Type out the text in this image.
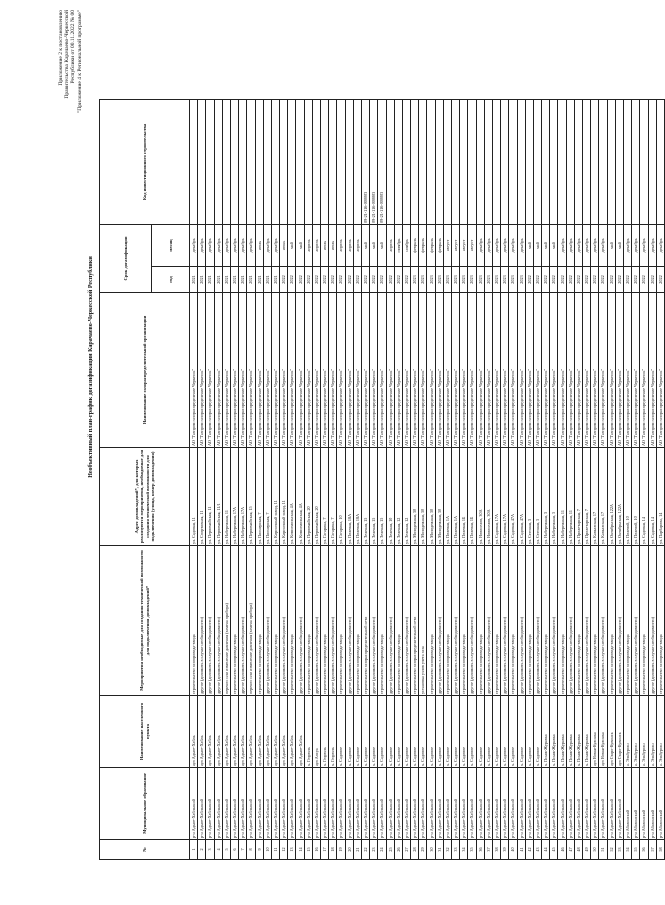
Приложение 2 к постановлению Правительства Карачаево-Черкесской Республики от 00.11.2022 № 00 "Приложение 4 к Региональной программе"
Необъективный план-график догазификации Карачаево-Черкесской Республики
№	Муниципальное образование	Наименование населенного пункта	Мероприятия необходимые для создания технической возможности для подключения домовладений*	Адрес домовладений*, для которых реализуются мероприятия, необходимые для создания технической возможности для подключения (улица, номер домовладения)	Наименование газораспределительной организации	Срок догазификации		Код инвестиционного строительства
						год	месяц	
1	р-н Адыге-Хабльский	аул Адыге-Хабль	строительство газопровода-ввода	ул. Садовая, 11	АО "Газпром газораспределение Черкесск"	2021	декабрь	
2	р-н Адыге-Хабльский	аул Адыге-Хабль	другое (доложить в случае необходимости)	ул. Спортивная, 11	АО "Газпром газораспределение Черкесск"	2021	декабрь	
3	р-н Адыге-Хабльский	аул Адыге-Хабль	другое (доложить в случае необходимости)	ул. Первомайская, 11	АО "Газпром газораспределение Черкесск"	2021	декабрь	
4	р-н Адыге-Хабльский	аул Адыге-Хабль	другое (доложить в случае необходимости)	ул. Первомайская, 11/1	АО "Газпром газораспределение Черкесск"	2021	декабрь	
5	р-н Адыге-Хабльский	аул Адыге-Хабль	перенос или изменение давления (замена прибора)	ул. Набережная, 11	АО "Газпром газораспределение Черкесск"	2021	декабрь	
6	р-н Адыге-Хабльский	аул Адыге-Хабль	строительство газопровода-ввода	ул. Набережная, 17А	АО "Газпром газораспределение Черкесск"	2021	декабрь	
7	р-н Адыге-Хабльский	аул Адыге-Хабль	другое (доложить в случае необходимости)	ул. Набережная, 17А	АО "Газпром газораспределение Черкесск"	2021	декабрь	
8	р-н Адыге-Хабльский	аул Адыге-Хабль	перенос или изменение давления (замена прибора)	ул. Первомайская, 15	АО "Газпром газораспределение Черкесск"	2021	декабрь	
9	р-н Адыге-Хабльский	аул Адыге-Хабль	строительство газопровода-ввода	ул. Пионерская, 7	АО "Газпром газораспределение Черкесск"	2021	июль	
10	р-н Адыге-Хабльский	аул Адыге-Хабль	другое (доложить в случае необходимости)	ул. Пионерская, 7	АО "Газпром газораспределение Черкесск"	2021	декабрь	
11	р-н Адыге-Хабльский	аул Адыге-Хабль	строительство газопровода-ввода	ул. Кирпичный завод, 11	АО "Газпром газораспределение Черкесск"	2021	декабрь	
12	р-н Адыге-Хабльский	аул Адыге-Хабль	другое (доложить в случае необходимости)	ул. Кирпичный завод, 11	АО "Газпром газораспределение Черкесск"	2022	июнь	
13	р-н Адыге-Хабльский	аул Адыге-Хабль	строительство газопровода-ввода	ул. Комсомольская, 4А	АО "Газпром газораспределение Черкесск"	2022	май	
14	р-н Адыге-Хабльский	аул Адыге-Хабль	другое (доложить в случае необходимости)	ул. Комсомольская, 4А	АО "Газпром газораспределение Черкесск"	2022	май	
15	р-н Адыге-Хабльский	х. Гюрюль	строительство газопровода-ввода	ул. Первомайская, 20	АО "Газпром газораспределение Черкесск"	2022	апрель	
16	р-н Адыге-Хабльский	аул Апсуа	другое (доложить в случае необходимости)	ул. Первомайская, 20	АО "Газпром газораспределение Черкесск"	2022	апрель	
17	р-н Адыге-Хабльский	х. Гюрюль	строительство газопровода-ввода	ул. Гагарина, 7	АО "Газпром газораспределение Черкесск"	2022	июль	
18	р-н Адыге-Хабльский	х. Гюрюль	другое (доложить в случае необходимости)	ул. Гагарина, 7	АО "Газпром газораспределение Черкесск"	2022	июль	
19	р-н Адыге-Хабльский	х. Садовое	строительство газопровода-ввода	ул. Гагарина, 10	АО "Газпром газораспределение Черкесск"	2022	апрель	
20	р-н Адыге-Хабльский	х. Садовое	другое (доложить в случае необходимости)	ул. Полевая, 18А	АО "Газпром газораспределение Черкесск"	2022	апрель	
21	р-н Адыге-Хабльский	х. Садовое	строительство газопровода-ввода	ул. Полевая, 18А	АО "Газпром газораспределение Черкесск"	2022	апрель	
22	р-н Адыге-Хабльский	х. Садовое	строительство газораспределительной сети	ул. Зеленая, 15	АО "Газпром газораспределение Черкесск"	2022	май	09-21-116-000003
23	р-н Адыге-Хабльский	х. Садовое	другое (доложить в случае необходимости)	ул. Зеленая, 15	АО "Газпром газораспределение Черкесск"	2022	май	09-21-116-000003
24	р-н Адыге-Хабльский	х. Садовое	строительство газопровода-ввода	ул. Зеленая, 15	АО "Газпром газораспределение Черкесск"	2022	май	09-21-116-000003
25	р-н Адыге-Хабльский	х. Садовое	другое (доложить в случае необходимости)	ул. Зеленая, 10	АО "Газпром газораспределение Черкесск"	2022	апрель	
26	р-н Адыге-Хабльский	х. Садовое	строительство газопровода-ввода	ул. Зеленая, 12	АО "Газпром газораспределение Черкесск"	2022	октябрь	
27	р-н Адыге-Хабльский	х. Садовое	другое (доложить в случае необходимости)	ул. Зеленая, 12	АО "Газпром газораспределение Черкесск"	2022	ноябрь	
28	р-н Адыге-Хабльский	х. Садовое	строительство газораспределительной сети	ул. Молодежная, 30	АО "Газпром газораспределение Черкесск"	2023	февраль	
29	р-н Адыге-Хабльский	х. Садовое	установка узлов учета газа	ул. Молодежная, 30	АО "Газпром газораспределение Черкесск"	2023	февраль	
30	р-н Адыге-Хабльский	х. Садовое	строительство газопровода-ввода	ул. Молодежная, 30	АО "Газпром газораспределение Черкесск"	2023	февраль	
31	р-н Адыге-Хабльский	х. Садовое	другое (доложить в случае необходимости)	ул. Молодежная, 30	АО "Газпром газораспределение Черкесск"	2023	февраль	
32	р-н Адыге-Хабльский	х. Садовое	строительство газопровода-ввода	ул. Полевая, 1А	АО "Газпром газораспределение Черкесск"	2023	август	
33	р-н Адыге-Хабльский	х. Садовое	другое (доложить в случае необходимости)	ул. Полевая, 1А	АО "Газпром газораспределение Черкесск"	2023	август	
34	р-н Адыге-Хабльский	х. Садовое	строительство газопровода-ввода	ул. Полевая, 1Б	АО "Газпром газораспределение Черкесск"	2023	август	
35	р-н Адыге-Хабльский	х. Садовое	другое (доложить в случае необходимости)	ул. Полевая, 1Б	АО "Газпром газораспределение Черкесск"	2023	август	
36	р-н Адыге-Хабльский	х. Садовое	строительство газопровода-ввода	ул. Новоселов, 30А	АО "Газпром газораспределение Черкесск"	2023	декабрь	
37	р-н Адыге-Хабльский	х. Садовое	другое (доложить в случае необходимости)	ул. Новоселов, 30А	АО "Газпром газораспределение Черкесск"	2023	декабрь	
38	р-н Адыге-Хабльский	х. Садовое	строительство газопровода-ввода	ул. Садовая, 17А	АО "Газпром газораспределение Черкесск"	2023	декабрь	
39	р-н Адыге-Хабльский	х. Садовое	другое (доложить в случае необходимости)	ул. Садовая, 17А	АО "Газпром газораспределение Черкесск"	2023	декабрь	
40	р-н Адыге-Хабльский	х. Садовое	строительство газопровода-ввода	ул. Садовая, 47А	АО "Газпром газораспределение Черкесск"	2023	декабрь	
41	р-н Адыге-Хабльский	х. Садовое	другое (доложить в случае необходимости)	ул. Садовая, 47А	АО "Газпром газораспределение Черкесск"	2023	декабрь	
42	р-н Адыге-Хабльский	х. Садовое	строительство газопровода-ввода	ул. Степная, 3	АО "Газпром газораспределение Черкесск"	2022	май	
43	р-н Адыге-Хабльский	х. Садовое	другое (доложить в случае необходимости)	ул. Степная, 3	АО "Газпром газораспределение Черкесск"	2022	май	
44	р-н Адыге-Хабльский	х. Псыж-Журавка	строительство газопровода-ввода	ул. Набережная, 3	АО "Газпром газораспределение Черкесск"	2022	май	
45	р-н Адыге-Хабльский	х. Псыж-Журавка	другое (доложить в случае необходимости)	ул. Набережная, 3	АО "Газпром газораспределение Черкесск"	2022	май	
46	р-н Адыге-Хабльский	х. Псыж-Журавка	строительство газопровода-ввода	ул. Набережная, 11	АО "Газпром газораспределение Черкесск"	2022	декабрь	
47	р-н Адыге-Хабльский	х. Псыж-Журавка	другое (доложить в случае необходимости)	ул. Набережная, 11	АО "Газпром газораспределение Черкесск"	2022	декабрь	
48	р-н Адыге-Хабльский	х. Псыж-Журавка	строительство газопровода-ввода	ул. Пролетарская, 7	АО "Газпром газораспределение Черкесск"	2022	декабрь	
49	р-н Адыге-Хабльский	х. Псыж-Журавка	другое (доложить в случае необходимости)	ул. Пролетарская, 7	АО "Газпром газораспределение Черкесск"	2022	декабрь	
50	р-н Адыге-Хабльский	аул Новая-Кулинка	строительство газопровода-ввода	ул. Кавказская, 17	АО "Газпром газораспределение Черкесск"	2022	декабрь	
51	р-н Адыге-Хабльский	аул Новая-Кулинка	другое (доложить в случае необходимости)	ул. Кавказская, 17	АО "Газпром газораспределение Черкесск"	2022	декабрь	
52	р-н Адыге-Хабльский	аул Старо-Кувинск	строительство газопровода-ввода	ул. Октябрьская, 122А	АО "Газпром газораспределение Черкесск"	2022	май	
53	р-н Адыге-Хабльский	аул Старо-Кувинск	другое (доложить в случае необходимости)	ул. Октябрьская, 122А	АО "Газпром газораспределение Черкесск"	2022	май	
54	р-н Абазинский	а. Эльбурган	строительство газопровода-ввода	ул. Полевой, 10	АО "Газпром газораспределение Черкесск"	2022	декабрь	
55	р-н Абазинский	а. Эльбурган	другое (доложить в случае необходимости)	ул. Полевой, 10	АО "Газпром газораспределение Черкесск"	2022	декабрь	
56	р-н Абазинский	а. Эльбурган	строительство газопровода-ввода	ул. Садовая, 14	АО "Газпром газораспределение Черкесск"	2022	декабрь	
57	р-н Абазинский	а. Эльбурган	другое (доложить в случае необходимости)	ул. Садовая, 14	АО "Газпром газораспределение Черкесск"	2022	декабрь	
58	р-н Абазинский	а. Эльбурган	строительство газопровода-ввода	ул. Парбарова, 14	АО "Газпром газораспределение Черкесск"	2022	декабрь	
